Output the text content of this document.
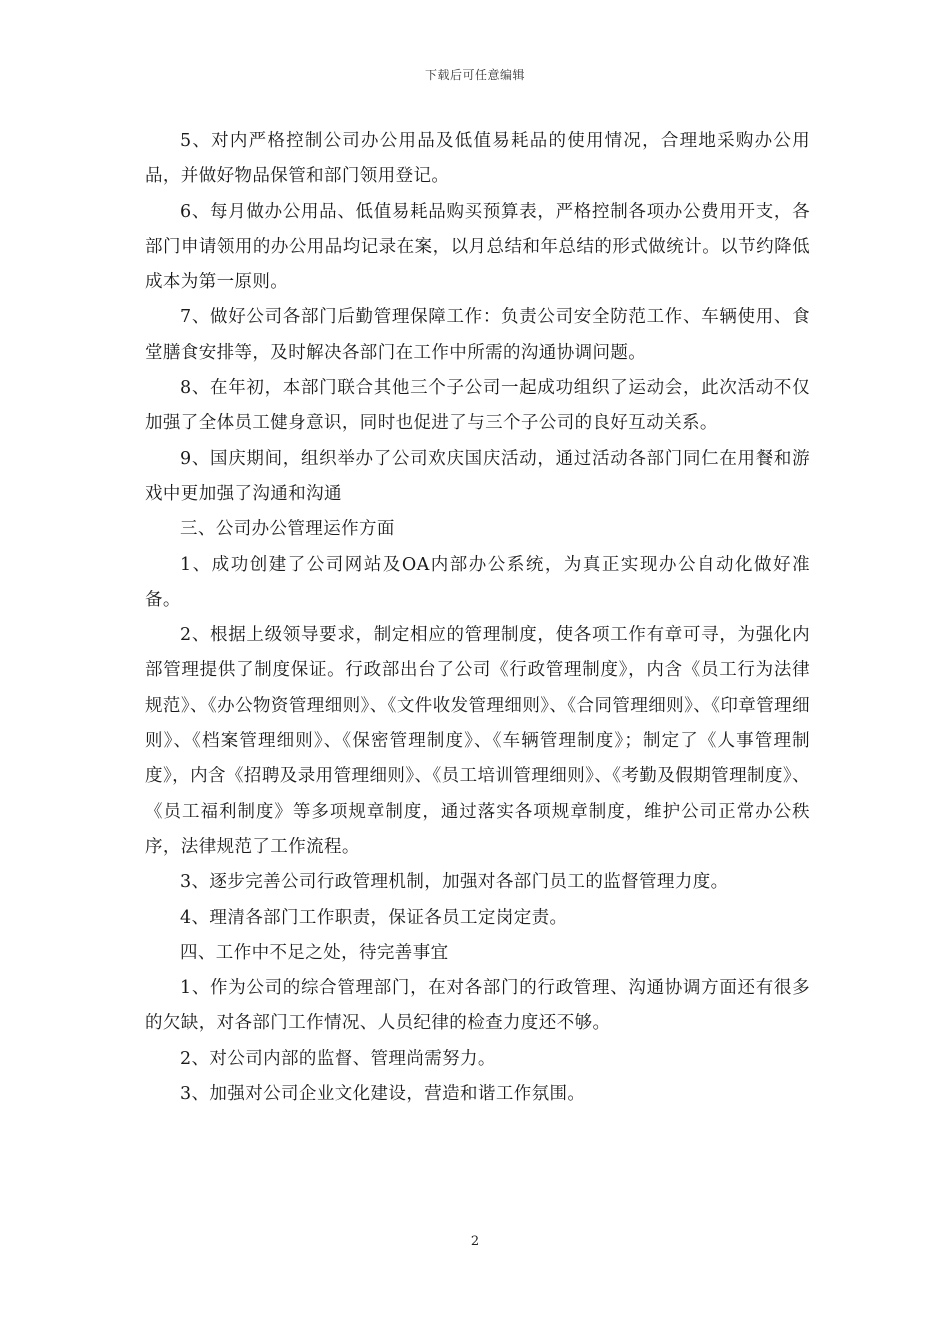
下载后可任意编辑

5、对内严格控制公司办公用品及低值易耗品的使用情况，合理地采购办公用品，并做好物品保管和部门领用登记。

6、每月做办公用品、低值易耗品购买预算表，严格控制各项办公费用开支，各部门申请领用的办公用品均记录在案，以月总结和年总结的形式做统计。以节约降低成本为第一原则。

7、做好公司各部门后勤管理保障工作：负责公司安全防范工作、车辆使用、食堂膳食安排等，及时解决各部门在工作中所需的沟通协调问题。

8、在年初，本部门联合其他三个子公司一起成功组织了运动会，此次活动不仅加强了全体员工健身意识，同时也促进了与三个子公司的良好互动关系。

9、国庆期间，组织举办了公司欢庆国庆活动，通过活动各部门同仁在用餐和游戏中更加强了沟通和沟通

三、公司办公管理运作方面

1、成功创建了公司网站及OA内部办公系统，为真正实现办公自动化做好准备。

2、根据上级领导要求，制定相应的管理制度，使各项工作有章可寻，为强化内部管理提供了制度保证。行政部出台了公司《行政管理制度》，内含《员工行为法律规范》、《办公物资管理细则》、《文件收发管理细则》、《合同管理细则》、《印章管理细则》、《档案管理细则》、《保密管理制度》、《车辆管理制度》；制定了《人事管理制度》，内含《招聘及录用管理细则》、《员工培训管理细则》、《考勤及假期管理制度》、《员工福利制度》等多项规章制度，通过落实各项规章制度，维护公司正常办公秩序，法律规范了工作流程。

3、逐步完善公司行政管理机制，加强对各部门员工的监督管理力度。

4、理清各部门工作职责，保证各员工定岗定责。

四、工作中不足之处，待完善事宜

1、作为公司的综合管理部门，在对各部门的行政管理、沟通协调方面还有很多的欠缺，对各部门工作情况、人员纪律的检查力度还不够。

2、对公司内部的监督、管理尚需努力。

3、加强对公司企业文化建设，营造和谐工作氛围。

2
